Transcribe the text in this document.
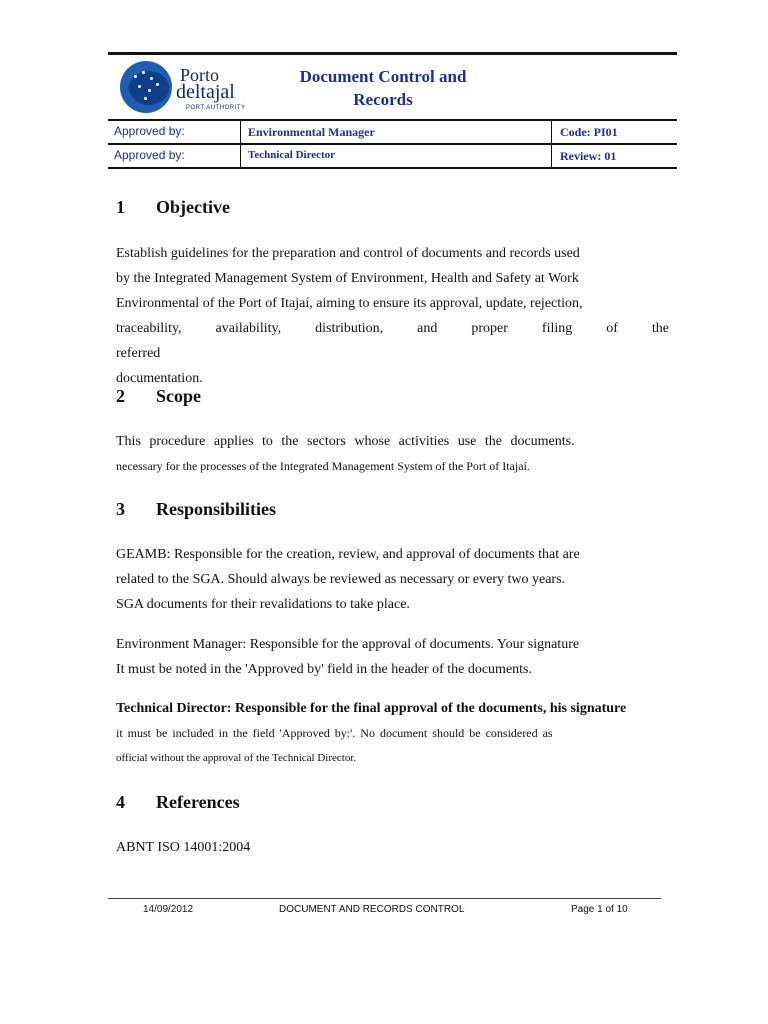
Porto
deltajal
PORT AUTHORITY
Document Control and
Records
Approved by:	Environmental Manager	Code: PI01
Approved by:	Technical Director	Review: 01
1 Objective
Establish guidelines for the preparation and control of documents and records used
by the Integrated Management System of Environment, Health and Safety at Work
Environmental of the Port of Itajaí, aiming to ensure its approval, update, rejection,
traceability, availability, distribution, and proper filing of the referred
documentation.
2 Scope
This procedure applies to the sectors whose activities use the documents.
necessary for the processes of the Integrated Management System of the Port of Itajaí.
3 Responsibilities
GEAMB: Responsible for the creation, review, and approval of documents that are
related to the SGA. Should always be reviewed as necessary or every two years.
SGA documents for their revalidations to take place.
Environment Manager: Responsible for the approval of documents. Your signature
It must be noted in the 'Approved by' field in the header of the documents.
Technical Director: Responsible for the final approval of the documents, his signature
it must be included in the field 'Approved by:'. No document should be considered as
official without the approval of the Technical Director.
4 References
ABNT ISO 14001:2004
14/09/2012	DOCUMENT AND RECORDS CONTROL	Page 1 of 10
